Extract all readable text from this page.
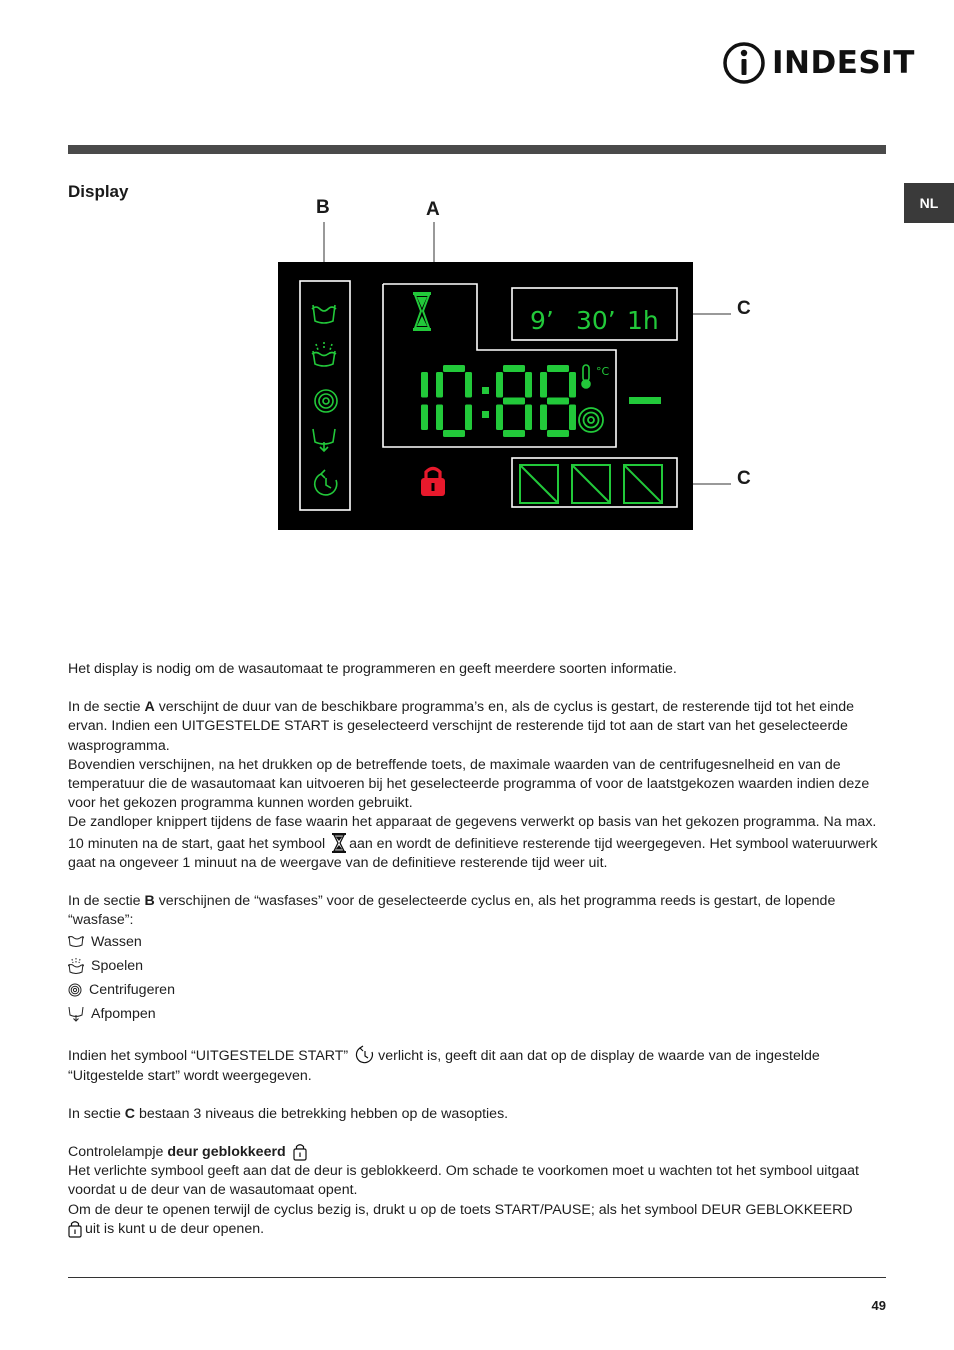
INDESIT
NL
Display
B	A
C
C
°C
9’ 30’ 1h

Het display is nodig om de wasautomaat te programmeren en geeft meerdere soorten informatie.

In de sectie A verschijnt de duur van de beschikbare programma’s en, als de cyclus is gestart, de resterende tijd tot het einde ervan. Indien een UITGESTELDE START is geselecteerd verschijnt de resterende tijd tot aan de start van het geselecteerde wasprogramma.

Bovendien verschijnen, na het drukken op de betreffende toets, de maximale waarden van de centrifugesnelheid en van de temperatuur die de wasautomaat kan uitvoeren bij het geselecteerde programma of voor de laatstgekozen waarden indien deze voor het gekozen programma kunnen worden gebruikt.

De zandloper knippert tijdens de fase waarin het apparaat de gegevens verwerkt op basis van het gekozen programma. Na max. 10 minuten na de start, gaat het symbool aan en wordt de definitieve resterende tijd weergegeven. Het symbool wateruurwerk gaat na ongeveer 1 minuut na de weergave van de definitieve resterende tijd weer uit.

In de sectie B verschijnen de “wasfases” voor de geselecteerde cyclus en, als het programma reeds is gestart, de lopende “wasfase”:

Wassen
Spoelen
Centrifugeren
Afpompen

Indien het symbool “UITGESTELDE START” verlicht is, geeft dit aan dat op de display de waarde van de ingestelde “Uitgestelde start” wordt weergegeven.

In sectie C bestaan 3 niveaus die betrekking hebben op de wasopties.

Controlelampje deur geblokkeerd

Het verlichte symbool geeft aan dat de deur is geblokkeerd. Om schade te voorkomen moet u wachten tot het symbool uitgaat voordat u de deur van de wasautomaat opent.

Om de deur te openen terwijl de cyclus bezig is, drukt u op de toets START/PAUSE; als het symbool DEUR GEBLOKKEERD

uit is kunt u de deur openen.

49
